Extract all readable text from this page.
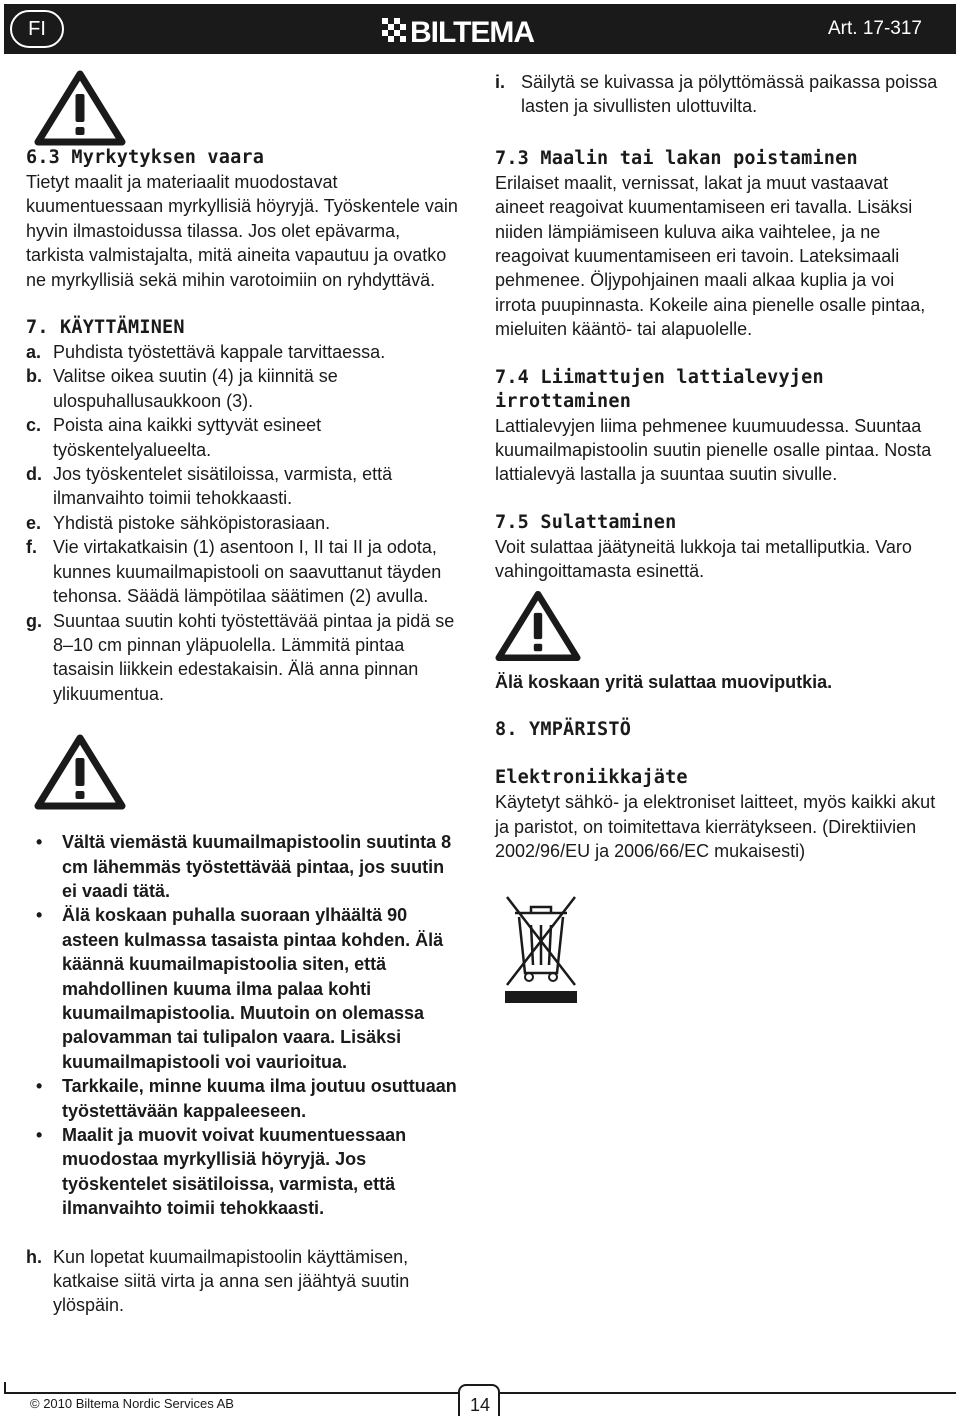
FI	BILTEMA	Art. 17-317

6.3 Myrkytyksen vaara

Tietyt maalit ja materiaalit muodostavat kuumentuessaan myrkyllisiä höyryjä. Työskentele vain hyvin ilmastoidussa tilassa. Jos olet epävarma, tarkista valmistajalta, mitä aineita vapautuu ja ovatko ne myrkyllisiä sekä mihin varotoimiin on ryhdyttävä.

7. KÄYTTÄMINEN

a. Puhdista työstettävä kappale tarvittaessa.
b. Valitse oikea suutin (4) ja kiinnitä se ulospuhallusaukkoon (3).
c. Poista aina kaikki syttyvät esineet työskentelyalueelta.
d. Jos työskentelet sisätiloissa, varmista, että ilmanvaihto toimii tehokkaasti.
e. Yhdistä pistoke sähköpistorasiaan.
f. Vie virtakatkaisin (1) asentoon I, II tai II ja odota, kunnes kuumailmapistooli on saavuttanut täyden tehonsa. Säädä lämpötilaa säätimen (2) avulla.
g. Suuntaa suutin kohti työstettävää pintaa ja pidä se 8–10 cm pinnan yläpuolella. Lämmitä pintaa tasaisin liikkein edestakaisin. Älä anna pinnan ylikuumentua.
• Vältä viemästä kuumailmapistoolin suutinta 8 cm lähemmäs työstettävää pintaa, jos suutin ei vaadi tätä.
• Älä koskaan puhalla suoraan ylhäältä 90 asteen kulmassa tasaista pintaa kohden. Älä käännä kuumailmapistoolia siten, että mahdollinen kuuma ilma palaa kohti kuumailmapistoolia. Muutoin on olemassa palovamman tai tulipalon vaara. Lisäksi kuumailmapistooli voi vaurioitua.
• Tarkkaile, minne kuuma ilma joutuu osuttuaan työstettävään kappaleeseen.
• Maalit ja muovit voivat kuumentuessaan muodostaa myrkyllisiä höyryjä. Jos työskentelet sisätiloissa, varmista, että ilmanvaihto toimii tehokkaasti.
h. Kun lopetat kuumailmapistoolin käyttämisen, katkaise siitä virta ja anna sen jäähtyä suutin ylöspäin.
i. Säilytä se kuivassa ja pölyttömässä paikassa poissa lasten ja sivullisten ulottuvilta.

7.3 Maalin tai lakan poistaminen

Erilaiset maalit, vernissat, lakat ja muut vastaavat aineet reagoivat kuumentamiseen eri tavalla. Lisäksi niiden lämpiämiseen kuluva aika vaihtelee, ja ne reagoivat kuumentamiseen eri tavoin. Lateksimaali pehmenee. Öljypohjainen maali alkaa kuplia ja voi irrota puupinnasta. Kokeile aina pienelle osalle pintaa, mieluiten kääntö- tai alapuolelle.

7.4 Liimattujen lattialevyjen irrottaminen

Lattialevyjen liima pehmenee kuumuudessa. Suuntaa kuumailmapistoolin suutin pienelle osalle pintaa. Nosta lattialevyä lastalla ja suuntaa suutin sivulle.

7.5 Sulattaminen

Voit sulattaa jäätyneitä lukkoja tai metalliputkia. Varo vahingoittamasta esinettä.

Älä koskaan yritä sulattaa muoviputkia.

8. YMPÄRISTÖ

Elektroniikkajäte

Käytetyt sähkö- ja elektroniset laitteet, myös kaikki akut ja paristot, on toimitettava kierrätykseen. (Direktiivien 2002/96/EU ja 2006/66/EC mukaisesti)

© 2010 Biltema Nordic Services AB	14
